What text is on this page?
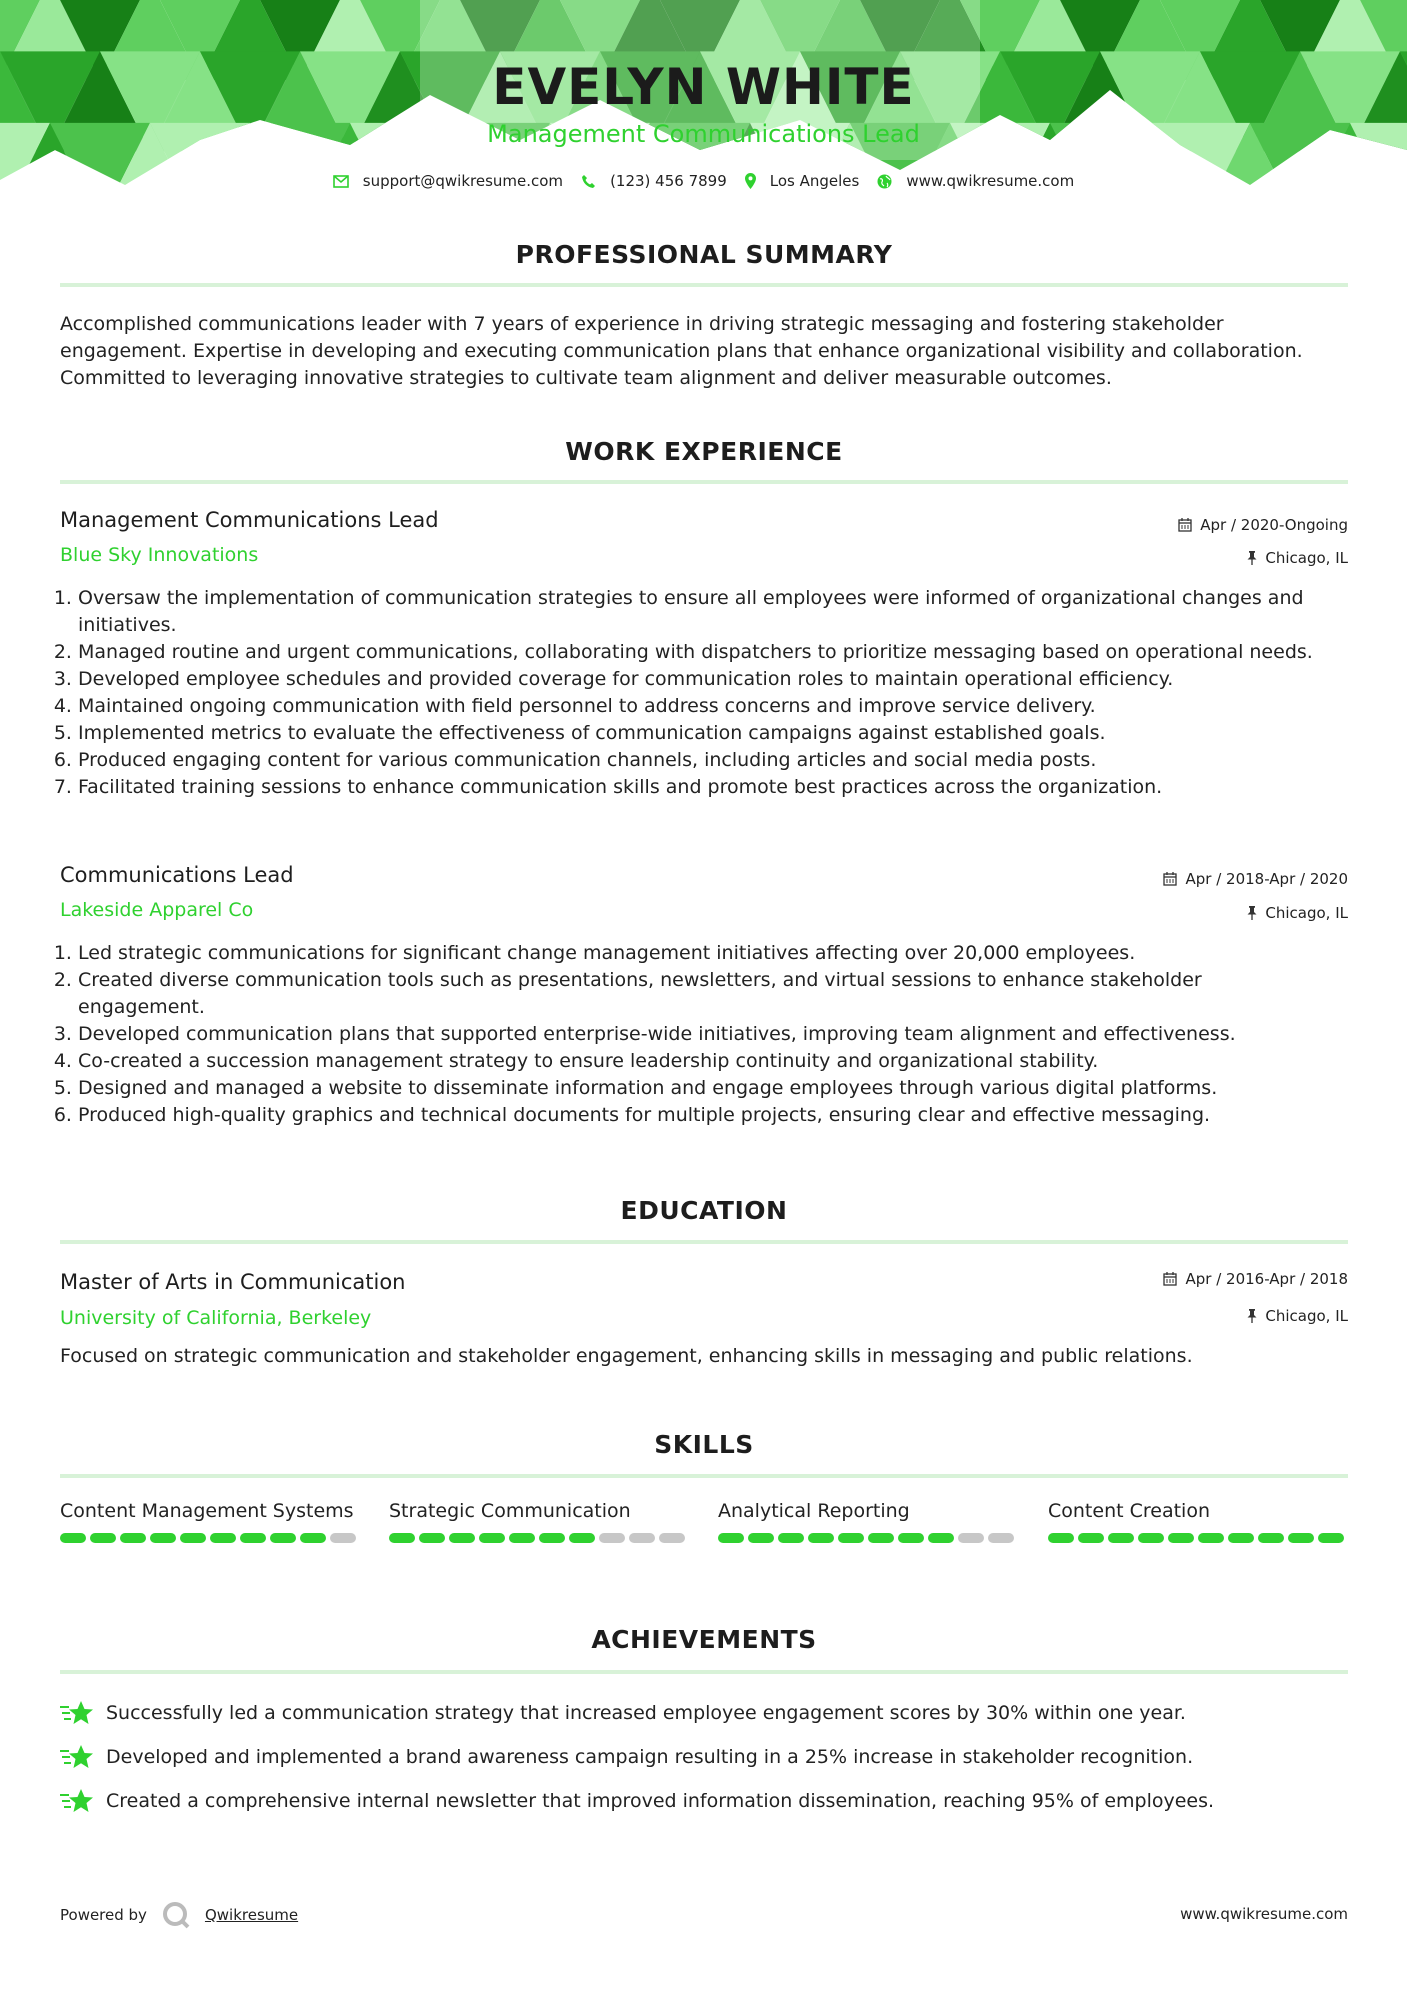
EVELYN WHITE
Management Communications Lead
support@qwikresume.com	(123) 456 7899	Los Angeles	www.qwikresume.com
PROFESSIONAL SUMMARY
Accomplished communications leader with 7 years of experience in driving strategic messaging and fostering stakeholder engagement. Expertise in developing and executing communication plans that enhance organizational visibility and collaboration. Committed to leveraging innovative strategies to cultivate team alignment and deliver measurable outcomes.
WORK EXPERIENCE
Management Communications Lead	Apr / 2020-Ongoing
Blue Sky Innovations	Chicago, IL
1. Oversaw the implementation of communication strategies to ensure all employees were informed of organizational changes and initiatives.
2. Managed routine and urgent communications, collaborating with dispatchers to prioritize messaging based on operational needs.
3. Developed employee schedules and provided coverage for communication roles to maintain operational efficiency.
4. Maintained ongoing communication with field personnel to address concerns and improve service delivery.
5. Implemented metrics to evaluate the effectiveness of communication campaigns against established goals.
6. Produced engaging content for various communication channels, including articles and social media posts.
7. Facilitated training sessions to enhance communication skills and promote best practices across the organization.
Communications Lead	Apr / 2018-Apr / 2020
Lakeside Apparel Co	Chicago, IL
1. Led strategic communications for significant change management initiatives affecting over 20,000 employees.
2. Created diverse communication tools such as presentations, newsletters, and virtual sessions to enhance stakeholder engagement.
3. Developed communication plans that supported enterprise-wide initiatives, improving team alignment and effectiveness.
4. Co-created a succession management strategy to ensure leadership continuity and organizational stability.
5. Designed and managed a website to disseminate information and engage employees through various digital platforms.
6. Produced high-quality graphics and technical documents for multiple projects, ensuring clear and effective messaging.
EDUCATION
Master of Arts in Communication	Apr / 2016-Apr / 2018
University of California, Berkeley	Chicago, IL
Focused on strategic communication and stakeholder engagement, enhancing skills in messaging and public relations.
SKILLS
Content Management Systems	Strategic Communication	Analytical Reporting	Content Creation
ACHIEVEMENTS
Successfully led a communication strategy that increased employee engagement scores by 30% within one year.
Developed and implemented a brand awareness campaign resulting in a 25% increase in stakeholder recognition.
Created a comprehensive internal newsletter that improved information dissemination, reaching 95% of employees.
Powered by	Qwikresume	www.qwikresume.com
